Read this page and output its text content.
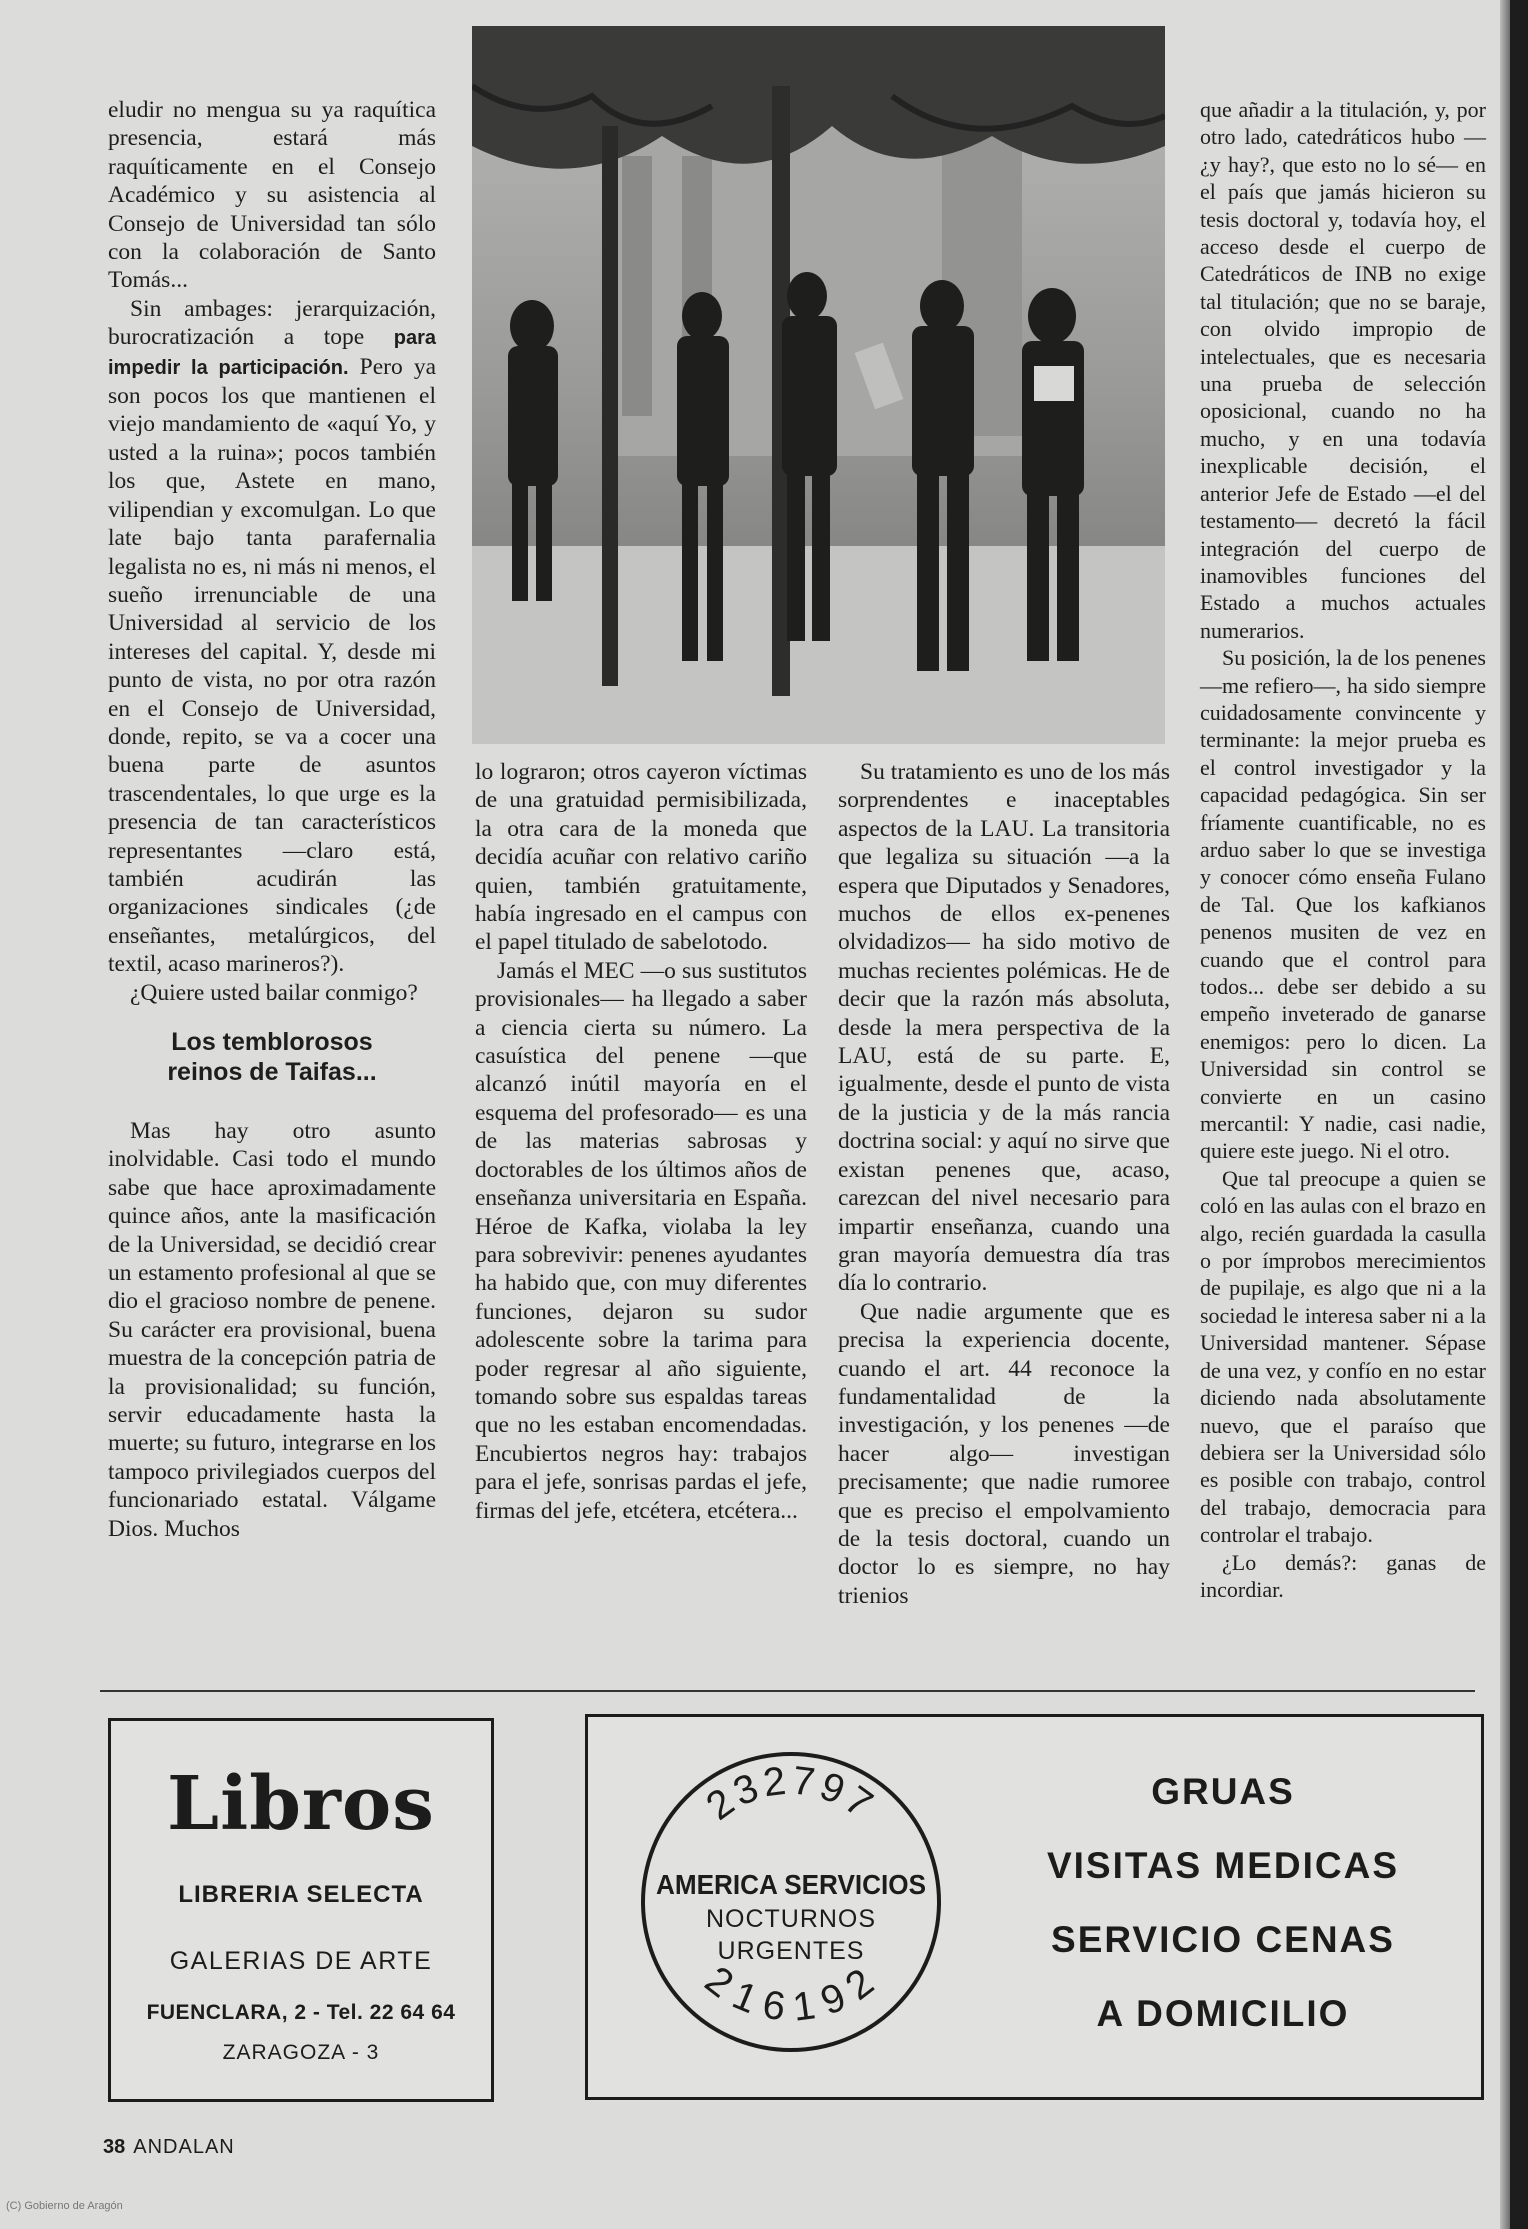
eludir no mengua su ya raquítica presencia, estará más raquíticamente en el Consejo Académico y su asistencia al Consejo de Universidad tan sólo con la colaboración de Santo Tomás...

Sin ambages: jerarquización, burocratización a tope para impedir la participación. Pero ya son pocos los que mantienen el viejo mandamiento de «aquí Yo, y usted a la ruina»; pocos también los que, Astete en mano, vilipendian y excomulgan. Lo que late bajo tanta parafernalia legalista no es, ni más ni menos, el sueño irrenunciable de una Universidad al servicio de los intereses del capital. Y, desde mi punto de vista, no por otra razón en el Consejo de Universidad, donde, repito, se va a cocer una buena parte de asuntos trascendentales, lo que urge es la presencia de tan característicos representantes —claro está, también acudirán las organizaciones sindicales (¿de enseñantes, metalúrgicos, del textil, acaso marineros?).

¿Quiere usted bailar conmigo?

Los temblorosos
reinos de Taifas...

Mas hay otro asunto inolvidable. Casi todo el mundo sabe que hace aproximadamente quince años, ante la masificación de la Universidad, se decidió crear un estamento profesional al que se dio el gracioso nombre de penene. Su carácter era provisional, buena muestra de la concepción patria de la provisionalidad; su función, servir educadamente hasta la muerte; su futuro, integrarse en los tampoco privilegiados cuerpos del funcionariado estatal. Válgame Dios. Muchos

lo lograron; otros cayeron víctimas de una gratuidad permisibilizada, la otra cara de la moneda que decidía acuñar con relativo cariño quien, también gratuitamente, había ingresado en el campus con el papel titulado de sabelotodo.

Jamás el MEC —o sus sustitutos provisionales— ha llegado a saber a ciencia cierta su número. La casuística del penene —que alcanzó inútil mayoría en el esquema del profesorado— es una de las materias sabrosas y doctorables de los últimos años de enseñanza universitaria en España. Héroe de Kafka, violaba la ley para sobrevivir: penenes ayudantes ha habido que, con muy diferentes funciones, dejaron su sudor adolescente sobre la tarima para poder regresar al año siguiente, tomando sobre sus espaldas tareas que no les estaban encomendadas. Encubiertos negros hay: trabajos para el jefe, sonrisas pardas el jefe, firmas del jefe, etcétera, etcétera...

Su tratamiento es uno de los más sorprendentes e inaceptables aspectos de la LAU. La transitoria que legaliza su situación —a la espera que Diputados y Senadores, muchos de ellos ex-penenes olvidadizos— ha sido motivo de muchas recientes polémicas. He de decir que la razón más absoluta, desde la mera perspectiva de la LAU, está de su parte. E, igualmente, desde el punto de vista de la justicia y de la más rancia doctrina social: y aquí no sirve que existan penenes que, acaso, carezcan del nivel necesario para impartir enseñanza, cuando una gran mayoría demuestra día tras día lo contrario.

Que nadie argumente que es precisa la experiencia docente, cuando el art. 44 reconoce la fundamentalidad de la investigación, y los penenes —de hacer algo— investigan precisamente; que nadie rumoree que es preciso el empolvamiento de la tesis doctoral, cuando un doctor lo es siempre, no hay trienios

que añadir a la titulación, y, por otro lado, catedráticos hubo —¿y hay?, que esto no lo sé— en el país que jamás hicieron su tesis doctoral y, todavía hoy, el acceso desde el cuerpo de Catedráticos de INB no exige tal titulación; que no se baraje, con olvido impropio de intelectuales, que es necesaria una prueba de selección oposicional, cuando no ha mucho, y en una todavía inexplicable decisión, el anterior Jefe de Estado —el del testamento— decretó la fácil integración del cuerpo de inamovibles funciones del Estado a muchos actuales numerarios.

Su posición, la de los penenes —me refiero—, ha sido siempre cuidadosamente convincente y terminante: la mejor prueba es el control investigador y la capacidad pedagógica. Sin ser fríamente cuantificable, no es arduo saber lo que se investiga y conocer cómo enseña Fulano de Tal. Que los kafkianos penenos musiten de vez en cuando que el control para todos... debe ser debido a su empeño inveterado de ganarse enemigos: pero lo dicen. La Universidad sin control se convierte en un casino mercantil: Y nadie, casi nadie, quiere este juego. Ni el otro.

Que tal preocupe a quien se coló en las aulas con el brazo en algo, recién guardada la casulla o por ímprobos merecimientos de pupilaje, es algo que ni a la sociedad le interesa saber ni a la Universidad mantener. Sépase de una vez, y confío en no estar diciendo nada absolutamente nuevo, que el paraíso que debiera ser la Universidad sólo es posible con trabajo, control del trabajo, democracia para controlar el trabajo.

¿Lo demás?: ganas de incordiar.

Libros
LIBRERIA SELECTA
GALERIAS DE ARTE
FUENCLARA, 2 - Tel. 22 64 64
ZARAGOZA - 3
232797
AMERICA SERVICIOS
NOCTURNOS
URGENTES
216192
GRUAS
VISITAS MEDICAS
SERVICIO CENAS
A DOMICILIO
38 ANDALAN
(C) Gobierno de Aragón
